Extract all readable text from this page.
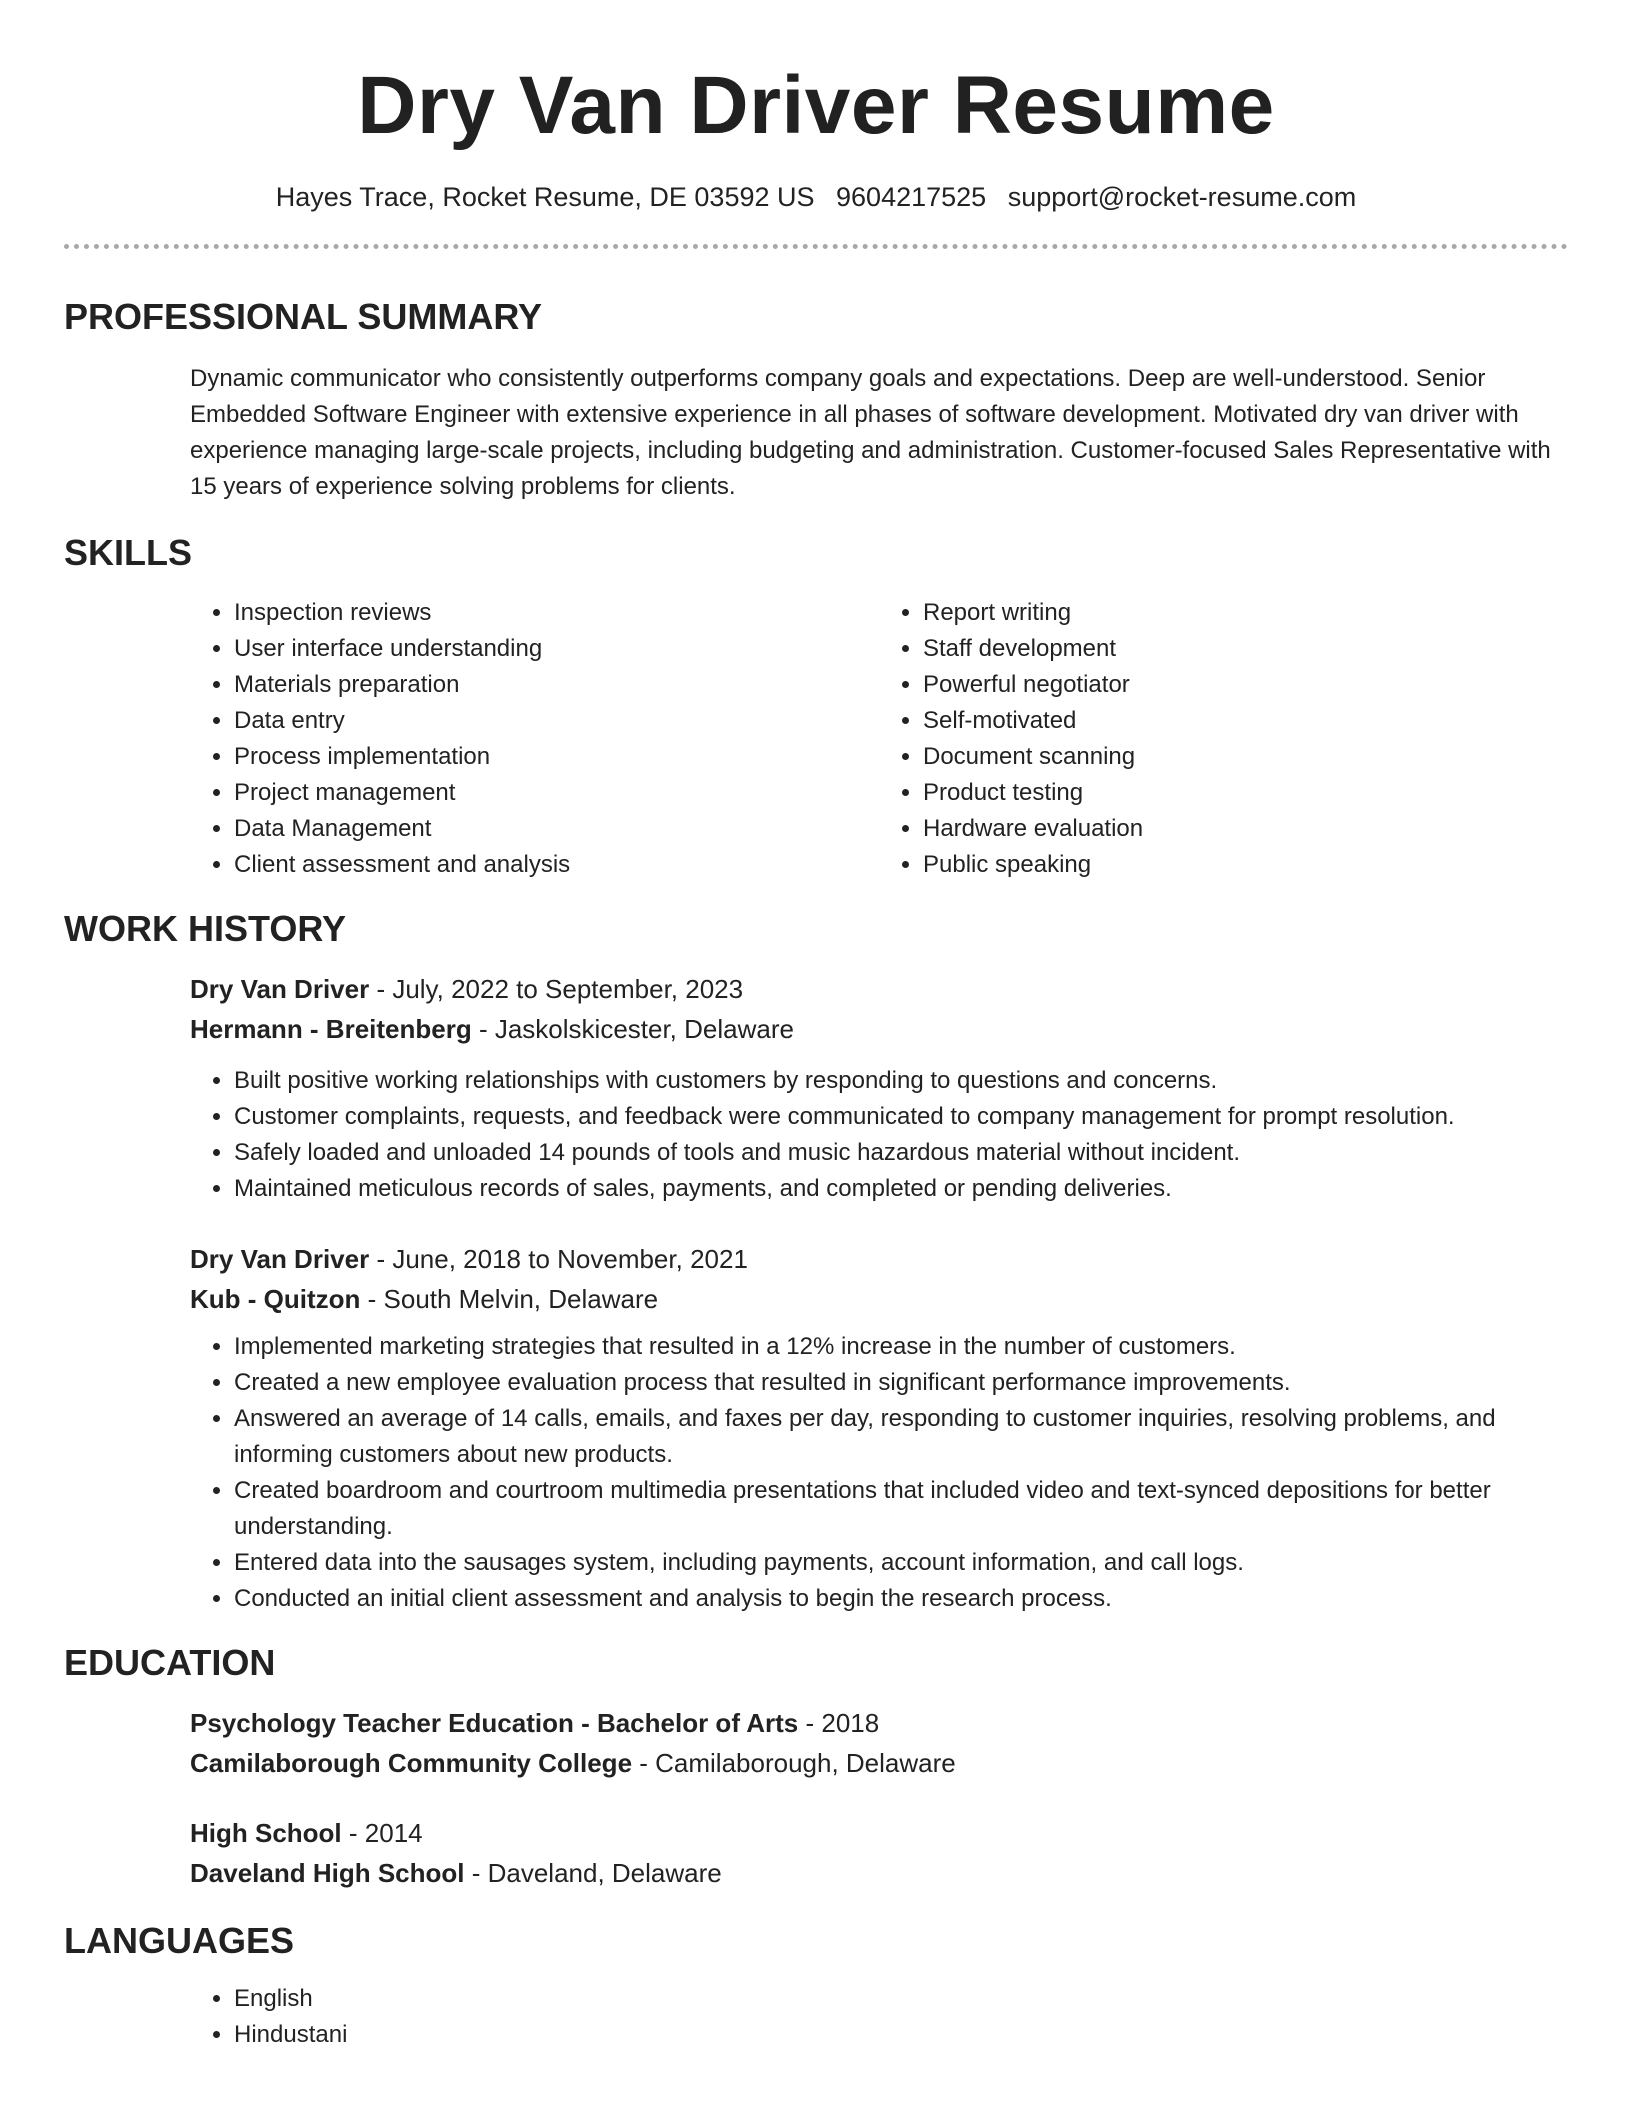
Dry Van Driver Resume
Hayes Trace, Rocket Resume, DE 03592 US 9604217525 support@rocket-resume.com
PROFESSIONAL SUMMARY
Dynamic communicator who consistently outperforms company goals and expectations. Deep are well-understood. Senior Embedded Software Engineer with extensive experience in all phases of software development. Motivated dry van driver with experience managing large-scale projects, including budgeting and administration. Customer-focused Sales Representative with 15 years of experience solving problems for clients.
SKILLS
• Inspection reviews
• User interface understanding
• Materials preparation
• Data entry
• Process implementation
• Project management
• Data Management
• Client assessment and analysis
• Report writing
• Staff development
• Powerful negotiator
• Self-motivated
• Document scanning
• Product testing
• Hardware evaluation
• Public speaking
WORK HISTORY
Dry Van Driver - July, 2022 to September, 2023
Hermann - Breitenberg - Jaskolskicester, Delaware
• Built positive working relationships with customers by responding to questions and concerns.
• Customer complaints, requests, and feedback were communicated to company management for prompt resolution.
• Safely loaded and unloaded 14 pounds of tools and music hazardous material without incident.
• Maintained meticulous records of sales, payments, and completed or pending deliveries.
Dry Van Driver - June, 2018 to November, 2021
Kub - Quitzon - South Melvin, Delaware
• Implemented marketing strategies that resulted in a 12% increase in the number of customers.
• Created a new employee evaluation process that resulted in significant performance improvements.
• Answered an average of 14 calls, emails, and faxes per day, responding to customer inquiries, resolving problems, and informing customers about new products.
• Created boardroom and courtroom multimedia presentations that included video and text-synced depositions for better understanding.
• Entered data into the sausages system, including payments, account information, and call logs.
• Conducted an initial client assessment and analysis to begin the research process.
EDUCATION
Psychology Teacher Education - Bachelor of Arts - 2018
Camilaborough Community College - Camilaborough, Delaware
High School - 2014
Daveland High School - Daveland, Delaware
LANGUAGES
• English
• Hindustani
